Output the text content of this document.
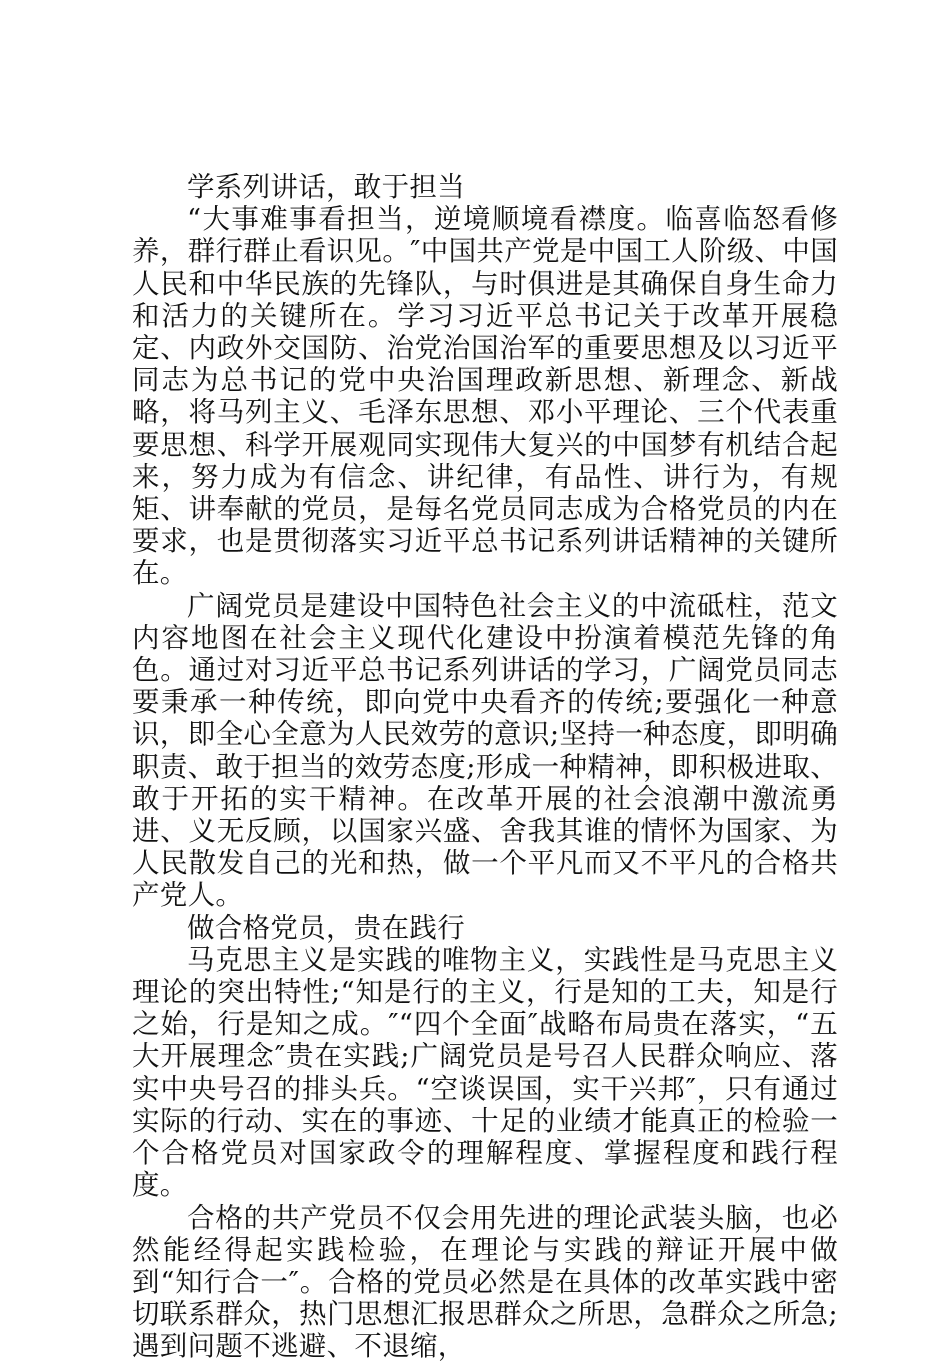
学系列讲话，敢于担当

“大事难事看担当，逆境顺境看襟度。临喜临怒看修养，群行群止看识见。″中国共产党是中国工人阶级、中国人民和中华民族的先锋队，与时俱进是其确保自身生命力和活力的关键所在。学习习近平总书记关于改革开展稳定、内政外交国防、治党治国治军的重要思想及以习近平同志为总书记的党中央治国理政新思想、新理念、新战略，将马列主义、毛泽东思想、邓小平理论、三个代表重要思想、科学开展观同实现伟大复兴的中国梦有机结合起来，努力成为有信念、讲纪律，有品性、讲行为，有规矩、讲奉献的党员，是每名党员同志成为合格党员的内在要求，也是贯彻落实习近平总书记系列讲话精神的关键所在。

广阔党员是建设中国特色社会主义的中流砥柱，范文内容地图在社会主义现代化建设中扮演着模范先锋的角色。通过对习近平总书记系列讲话的学习，广阔党员同志要秉承一种传统，即向党中央看齐的传统;要强化一种意识，即全心全意为人民效劳的意识;坚持一种态度，即明确职责、敢于担当的效劳态度;形成一种精神，即积极进取、敢于开拓的实干精神。在改革开展的社会浪潮中激流勇进、义无反顾，以国家兴盛、舍我其谁的情怀为国家、为人民散发自己的光和热，做一个平凡而又不平凡的合格共产党人。

做合格党员，贵在践行

马克思主义是实践的唯物主义，实践性是马克思主义理论的突出特性;“知是行的主义，行是知的工夫，知是行之始，行是知之成。″“四个全面″战略布局贵在落实，“五大开展理念″贵在实践;广阔党员是号召人民群众响应、落实中央号召的排头兵。“空谈误国，实干兴邦″，只有通过实际的行动、实在的事迹、十足的业绩才能真正的检验一个合格党员对国家政令的理解程度、掌握程度和践行程度。

合格的共产党员不仅会用先进的理论武装头脑，也必然能经得起实践检验，在理论与实践的辩证开展中做到“知行合一″。合格的党员必然是在具体的改革实践中密切联系群众，热门思想汇报思群众之所思，急群众之所急;遇到问题不逃避、不退缩，
